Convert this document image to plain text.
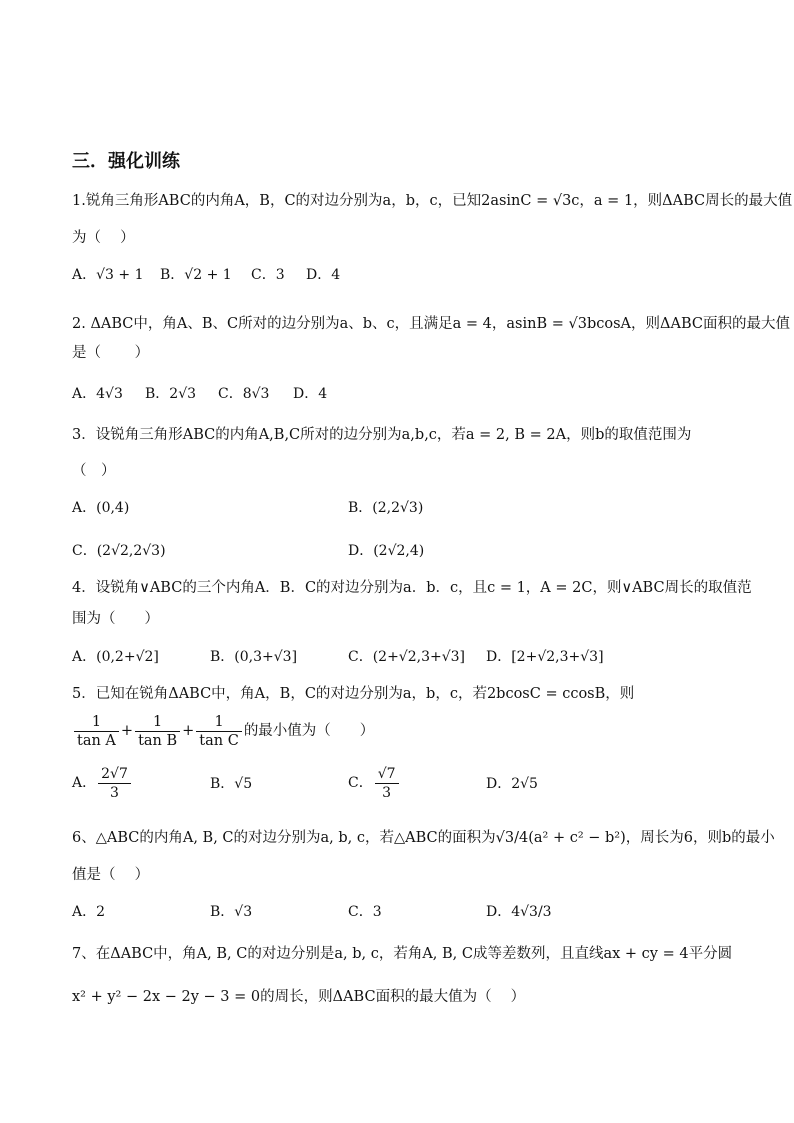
三．强化训练
1.锐角三角形ABC的内角A，B，C的对边分别为a，b，c，已知2asinC = √3c，a = 1，则ΔABC周长的最大值
为（　 ）
A．√3 + 1 B．√2 + 1 C．3 D．4
2. ΔABC中，角A、B、C所对的边分别为a、b、c，且满足a = 4，asinB = √3bcosA，则ΔABC面积的最大值
是（　　 ）
A．4√3 B．2√3 C．8√3 D．4
3．设锐角三角形ABC的内角A,B,C所对的边分别为a,b,c，若a = 2, B = 2A，则b的取值范围为
（　）
A．(0,4)	B．(2,2√3)
C．(2√2,2√3)	D．(2√2,4)
4．设锐角∨ABC的三个内角A．B．C的对边分别为a．b．c，且c = 1，A = 2C，则∨ABC周长的取值范
围为（　　）
A．(0,2+√2]	B．(0,3+√3]	C．(2+√2,3+√3] D．[2+√2,3+√3]
5．已知在锐角ΔABC中，角A，B，C的对边分别为a，b，c，若2bcosC = ccosB，则
$\frac{1}{\text{tan A}} + \frac{1}{\text{tan B}} + \frac{1}{\text{tan C}}$ 的最小值为（　　）
A． $\frac{2√7}{3}$	B．√5	C． $\frac{√7}{3}$	D．2√5
6、△ABC的内角A, B, C的对边分别为a, b, c，若△ABC的面积为√3/4(a² + c² − b²)，周长为6，则b的最小
值是（　 ）
A．2	B．√3	C．3	D．4√3/3
7、在ΔABC中，角A, B, C的对边分别是a, b, c，若角A, B, C成等差数列，且直线ax + cy = 4平分圆
x² + y² − 2x − 2y − 3 = 0的周长，则ΔABC面积的最大值为（　 ）
